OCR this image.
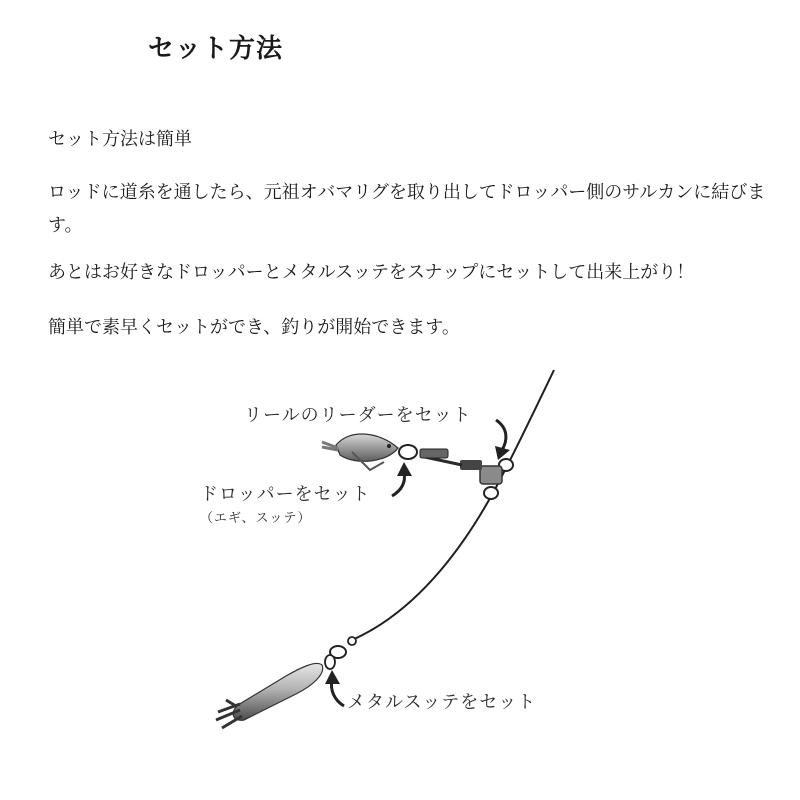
セット方法
セット方法は簡単
ロッドに道糸を通したら、元祖オバマリグを取り出してドロッパー側のサルカンに結びます。
あとはお好きなドロッパーとメタルスッテをスナップにセットして出来上がり！
簡単で素早くセットができ、釣りが開始できます。
リールのリーダーをセット
ドロッパーをセット
（エギ、スッテ）
メタルスッテをセット
